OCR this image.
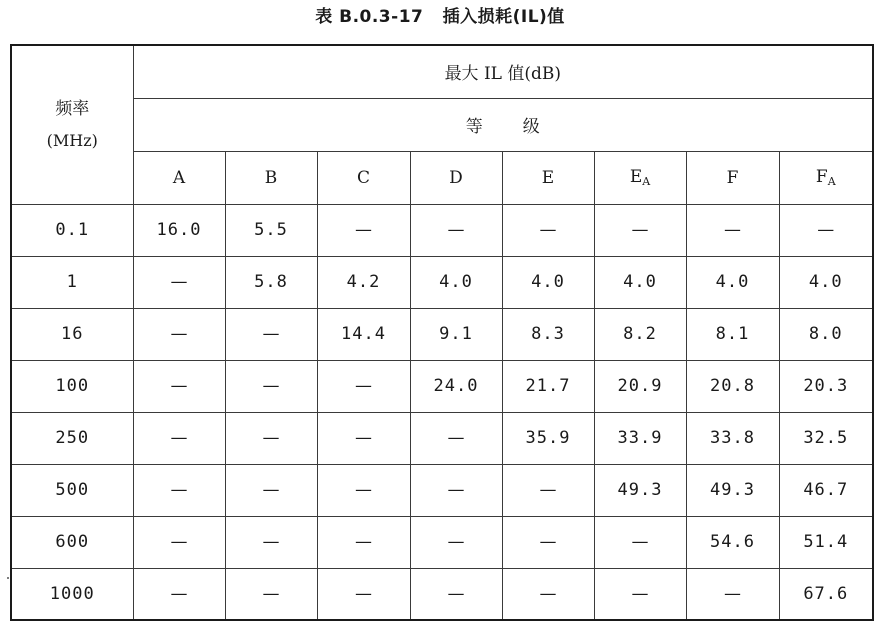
表 B.0.3-17   插入损耗(IL)值
频率
(MHz)	最大 IL 值(dB)							
	等级							
	A	B	C	D	E	EA	F	FA
0.1	16.0	5.5	—	—	—	—	—	—
1	—	5.8	4.2	4.0	4.0	4.0	4.0	4.0
16	—	—	14.4	9.1	8.3	8.2	8.1	8.0
100	—	—	—	24.0	21.7	20.9	20.8	20.3
250	—	—	—	—	35.9	33.9	33.8	32.5
500	—	—	—	—	—	49.3	49.3	46.7
600	—	—	—	—	—	—	54.6	51.4
1000	—	—	—	—	—	—	—	67.6
